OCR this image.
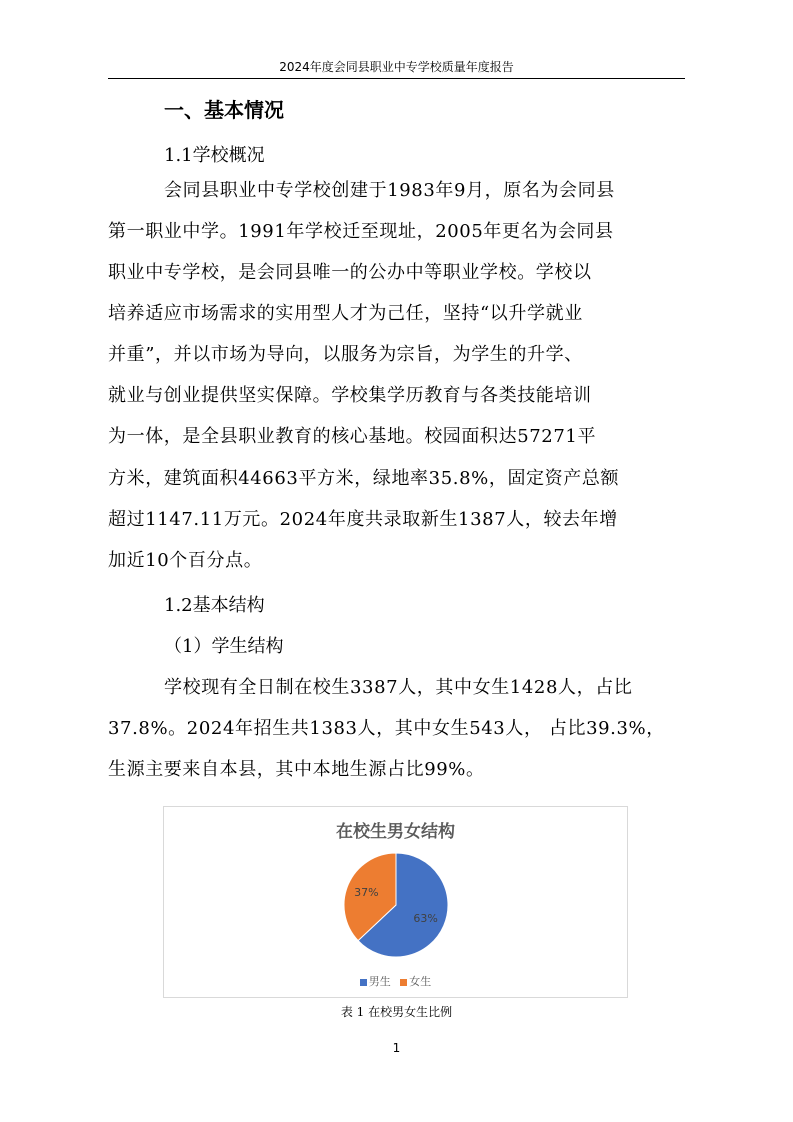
2024年度会同县职业中专学校质量年度报告
一、基本情况
1.1学校概况
会同县职业中专学校创建于1983年9月，原名为会同县
第一职业中学。1991年学校迁至现址，2005年更名为会同县
职业中专学校，是会同县唯一的公办中等职业学校。学校以
培养适应市场需求的实用型人才为己任，坚持“以升学就业
并重”，并以市场为导向，以服务为宗旨，为学生的升学、
就业与创业提供坚实保障。学校集学历教育与各类技能培训
为一体，是全县职业教育的核心基地。校园面积达57271平
方米，建筑面积44663平方米，绿地率35.8%，固定资产总额
超过1147.11万元。2024年度共录取新生1387人，较去年增
加近10个百分点。
1.2基本结构
（1）学生结构
学校现有全日制在校生3387人，其中女生1428人，占比
37.8%。2024年招生共1383人，其中女生543人， 占比39.3%，
生源主要来自本县，其中本地生源占比99%。
在校生男女结构
63%
37%
男生 女生
表 1 在校男女生比例
1
